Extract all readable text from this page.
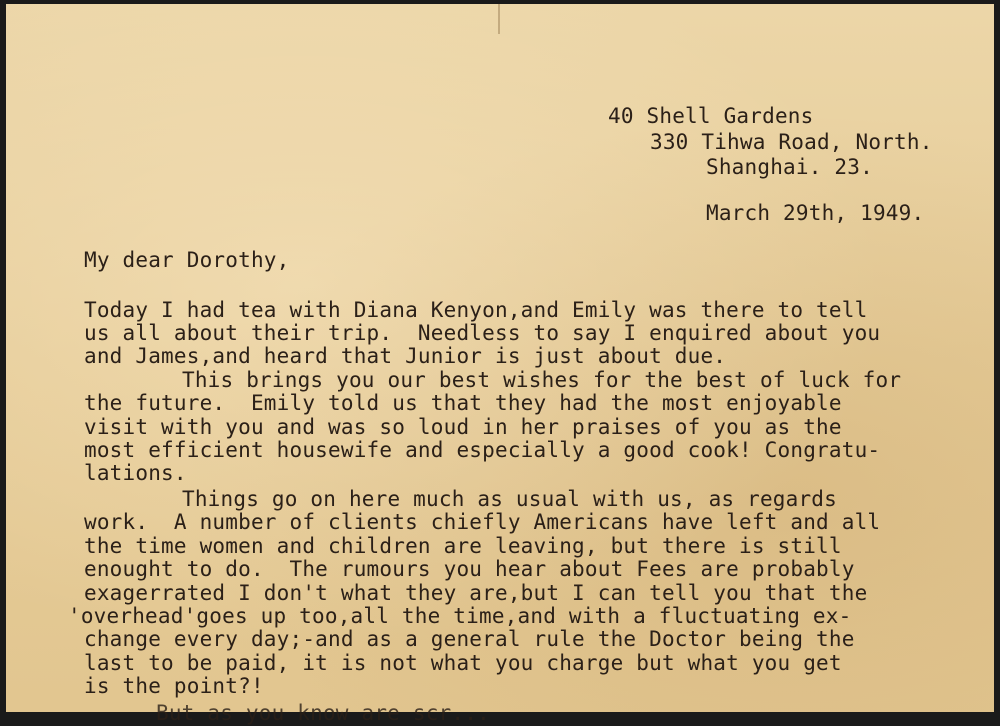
40 Shell Gardens
330 Tihwa Road, North.
Shanghai. 23.
March 29th, 1949.
My dear Dorothy,
Today I had tea with Diana Kenyon,and Emily was there to tell
us all about their trip.  Needless to say I enquired about you
and James,and heard that Junior is just about due.
This brings you our best wishes for the best of luck for
the future.  Emily told us that they had the most enjoyable
visit with you and was so loud in her praises of you as the
most efficient housewife and especially a good cook! Congratu-
lations.
Things go on here much as usual with us, as regards
work.  A number of clients chiefly Americans have left and all
the time women and children are leaving, but there is still
enought to do.  The rumours you hear about Fees are probably
exagerrated I don't what they are,but I can tell you that the
'overhead'goes up too,all the time,and with a fluctuating ex-
change every day;-and as a general rule the Doctor being the
last to be paid, it is not what you charge but what you get
is the point?!
But as you know are scr...
